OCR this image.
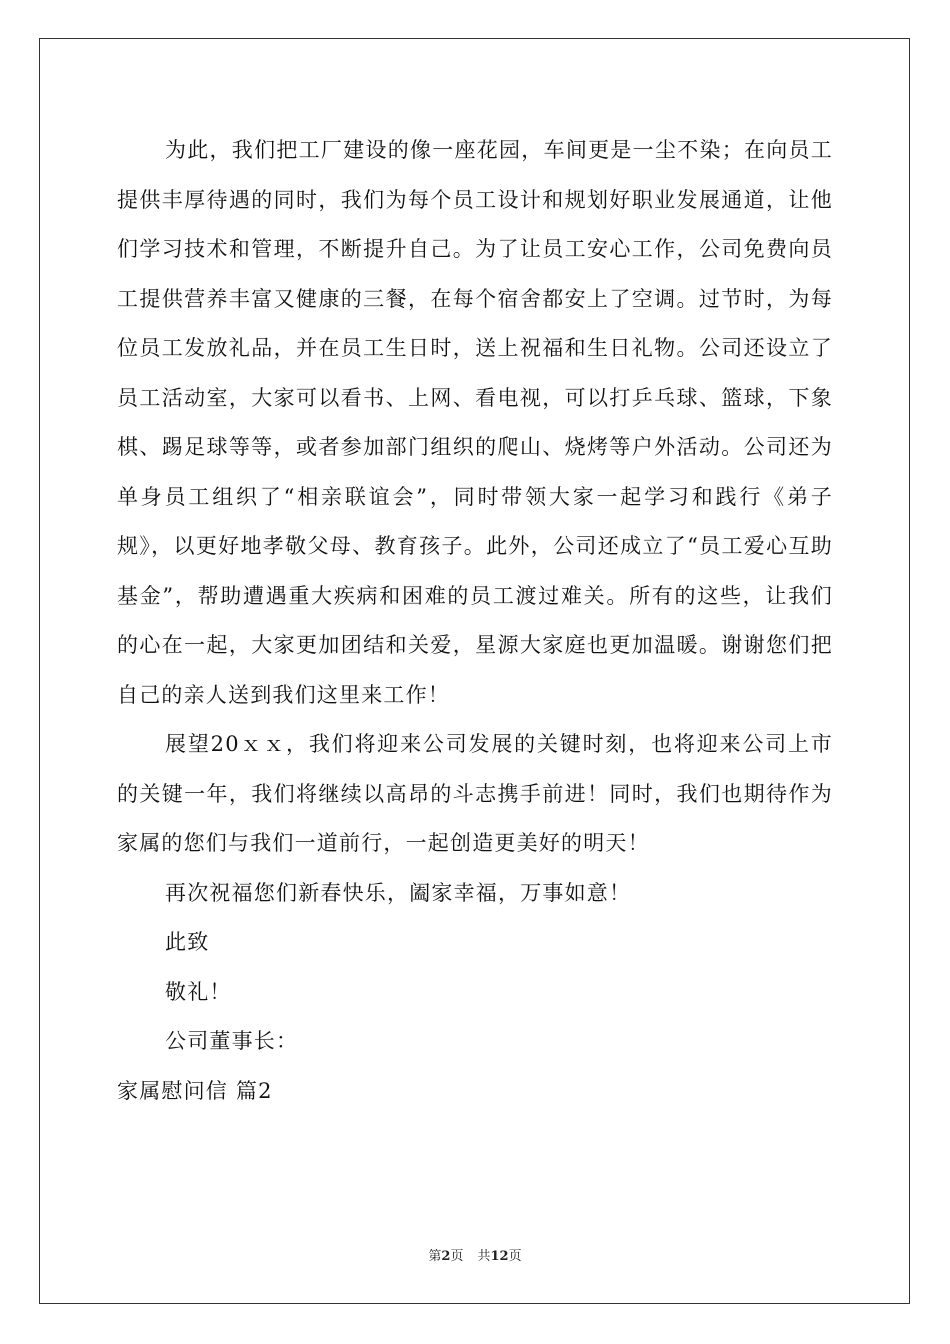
为此，我们把工厂建设的像一座花园，车间更是一尘不染；在向员工提供丰厚待遇的同时，我们为每个员工设计和规划好职业发展通道，让他们学习技术和管理，不断提升自己。为了让员工安心工作，公司免费向员工提供营养丰富又健康的三餐，在每个宿舍都安上了空调。过节时，为每位员工发放礼品，并在员工生日时，送上祝福和生日礼物。公司还设立了员工活动室，大家可以看书、上网、看电视，可以打乒乓球、篮球，下象棋、踢足球等等，或者参加部门组织的爬山、烧烤等户外活动。公司还为单身员工组织了“相亲联谊会”，同时带领大家一起学习和践行《弟子规》，以更好地孝敬父母、教育孩子。此外，公司还成立了“员工爱心互助基金”，帮助遭遇重大疾病和困难的员工渡过难关。所有的这些，让我们的心在一起，大家更加团结和关爱，星源大家庭也更加温暖。谢谢您们把自己的亲人送到我们这里来工作！

展望20ｘｘ，我们将迎来公司发展的关键时刻，也将迎来公司上市的关键一年，我们将继续以高昂的斗志携手前进！同时，我们也期待作为家属的您们与我们一道前行，一起创造更美好的明天！

再次祝福您们新春快乐，阖家幸福，万事如意！

此致

敬礼！

公司董事长：

家属慰问信 篇2

第2页 共12页
